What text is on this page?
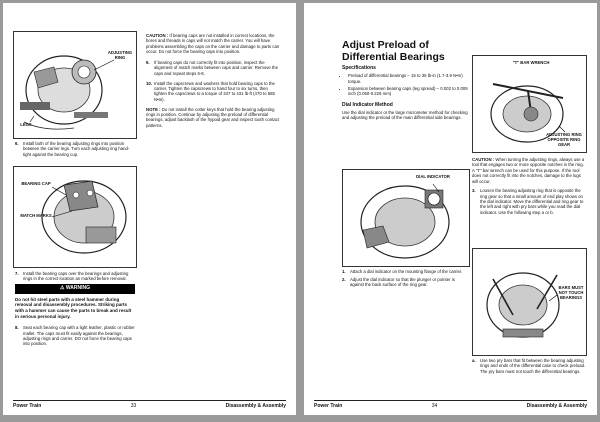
ADJUSTING RING
LEGS
6.	Install both of the bearing adjusting rings into position between the carrier legs. Turn each adjusting ring hand-tight against the bearing cup.
BEARING CAP
MATCH MARKS
7.	Install the bearing caps over the bearings and adjusting rings in the correct location as marked before removal.
⚠ WARNING

Do not hit steel parts with a steel hammer during removal and disassembly procedures. Striking parts with a hammer can cause the parts to break and result in serious personal injury.

8.	Seat each bearing cap with a light leather, plastic or rubber mallet. The caps must fit easily against the bearings, adjusting rings and carrier. DO not force the bearing caps into position.

CAUTION : If bearing caps are not installed in correct locations, the bores and threads in caps will not match the carrier. You will have problems assembling the caps on the carrier and damage to parts can occur. Do not force the bearing caps into position.

9.	If bearing caps do not correctly fit into position, inspect the alignment of match marks between caps and carrier. Remove the caps and repeat steps 6-8.
10. Install the capscrews and washers that hold bearing caps to the carrier. Tighten the capscrews to hand four to six turns, then tighten the capscrews to a torque of 347 to 431 lb-ft (470 to 585 N•m).

NOTE : Do not install the cotter keys that hold the bearing adjusting rings in position. Continue by adjusting the preload of differential bearings, adjust backlash of the hypoid gear and inspect tooth contact patterns.

Power Train	33	Disassembly & Assembly
Adjust Preload of Differential Bearings
Specifications
• Preload of differential bearings – 15 to 35 lb-in (1.7-3.9 N•m) torque.
• Expansion between bearing caps (leg spread) – 0.002 to 0.009 inch (0.050-0.229 mm)
Dial Indicator Method

Use the dial indicator or the large micrometer method for checking and adjusting the preload of the main differential side bearings.

DIAL INDICATOR
1.	Attach a dial indicator on the mounting flange of the carrier.
2.	Adjust the dial indicator so that the plunger or pointer is against the back surface of the ring gear.
"T" BAR WRENCH
ADJUSTING RING OPPOSITE RING GEAR

CAUTION : When turning the adjusting rings, always use a tool that engages two or more opposite notches in the ring. A "T" bar wrench can be used for this purpose. If the tool does not correctly fit into the notches, damage to the lugs will occur.

3.	Loosen the bearing adjusting ring that is opposite the ring gear so that a small amount of end play shows on the dial indicator. Move the differential and ring gear to the left and right with pry bars while you read the dial indicator. Use the following step a or b.
BARS MUST NOT TOUCH BEARINGS
a.	Use two pry bars that fit between the bearing adjusting rings and ends of the differential case to check preload. The pry bars must not touch the differential bearings.
Power Train	34	Disassembly & Assembly
